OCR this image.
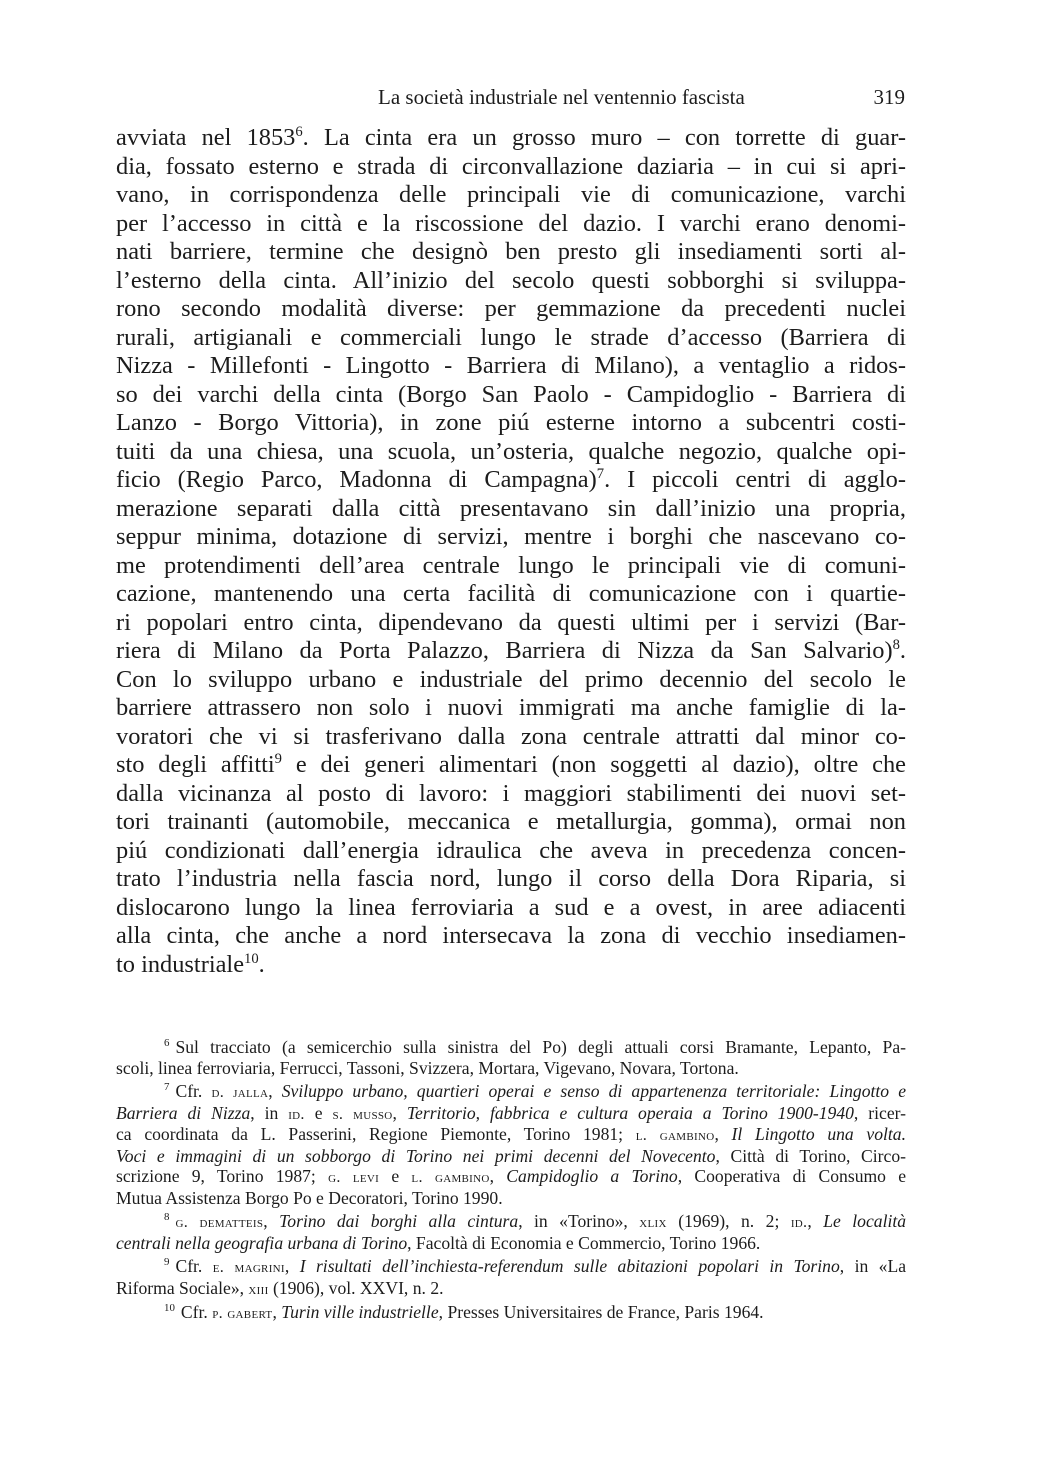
La società industriale nel ventennio fascista	319
avviata nel 1853$^6$. La cinta era un grosso muro – con torrette di guar-
dia, fossato esterno e strada di circonvallazione daziaria – in cui si apri-
vano, in corrispondenza delle principali vie di comunicazione, varchi
per l’accesso in città e la riscossione del dazio. I varchi erano denomi-
nati barriere, termine che designò ben presto gli insediamenti sorti al-
l’esterno della cinta. All’inizio del secolo questi sobborghi si sviluppa-
rono secondo modalità diverse: per gemmazione da precedenti nuclei
rurali, artigianali e commerciali lungo le strade d’accesso (Barriera di
Nizza - Millefonti - Lingotto - Barriera di Milano), a ventaglio a ridos-
so dei varchi della cinta (Borgo San Paolo - Campidoglio - Barriera di
Lanzo - Borgo Vittoria), in zone piú esterne intorno a subcentri costi-
tuiti da una chiesa, una scuola, un’osteria, qualche negozio, qualche opi-
ficio (Regio Parco, Madonna di Campagna)$^7$. I piccoli centri di agglo-
merazione separati dalla città presentavano sin dall’inizio una propria,
seppur minima, dotazione di servizi, mentre i borghi che nascevano co-
me protendimenti dell’area centrale lungo le principali vie di comuni-
cazione, mantenendo una certa facilità di comunicazione con i quartie-
ri popolari entro cinta, dipendevano da questi ultimi per i servizi (Bar-
riera di Milano da Porta Palazzo, Barriera di Nizza da San Salvario)$^8$.
Con lo sviluppo urbano e industriale del primo decennio del secolo le
barriere attrassero non solo i nuovi immigrati ma anche famiglie di la-
voratori che vi si trasferivano dalla zona centrale attratti dal minor co-
sto degli affitti$^9$ e dei generi alimentari (non soggetti al dazio), oltre che
dalla vicinanza al posto di lavoro: i maggiori stabilimenti dei nuovi set-
tori trainanti (automobile, meccanica e metallurgia, gomma), ormai non
piú condizionati dall’energia idraulica che aveva in precedenza concen-
trato l’industria nella fascia nord, lungo il corso della Dora Riparia, si
dislocarono lungo la linea ferroviaria a sud e a ovest, in aree adiacenti
alla cinta, che anche a nord intersecava la zona di vecchio insediamen-
to industriale$^{10}$.
$^6$ Sul tracciato (a semicerchio sulla sinistra del Po) degli attuali corsi Bramante, Lepanto, Pa-
scoli, linea ferroviaria, Ferrucci, Tassoni, Svizzera, Mortara, Vigevano, Novara, Tortona.
$^7$ Cfr. d. jalla, Sviluppo urbano, quartieri operai e senso di appartenenza territoriale: Lingotto e
Barriera di Nizza, in id. e s. musso, Territorio, fabbrica e cultura operaia a Torino 1900-1940, ricer-
ca coordinata da L. Passerini, Regione Piemonte, Torino 1981; l. gambino, Il Lingotto una volta.
Voci e immagini di un sobborgo di Torino nei primi decenni del Novecento, Città di Torino, Circo-
scrizione 9, Torino 1987; g. levi e l. gambino, Campidoglio a Torino, Cooperativa di Consumo e
Mutua Assistenza Borgo Po e Decoratori, Torino 1990.
$^8$ g. dematteis, Torino dai borghi alla cintura, in «Torino», xlix (1969), n. 2; id., Le località
centrali nella geografia urbana di Torino, Facoltà di Economia e Commercio, Torino 1966.
$^9$ Cfr. e. magrini, I risultati dell’inchiesta-referendum sulle abitazioni popolari in Torino, in «La
Riforma Sociale», xiii (1906), vol. XXVI, n. 2.
$^{10}$ Cfr. p. gabert, Turin ville industrielle, Presses Universitaires de France, Paris 1964.
